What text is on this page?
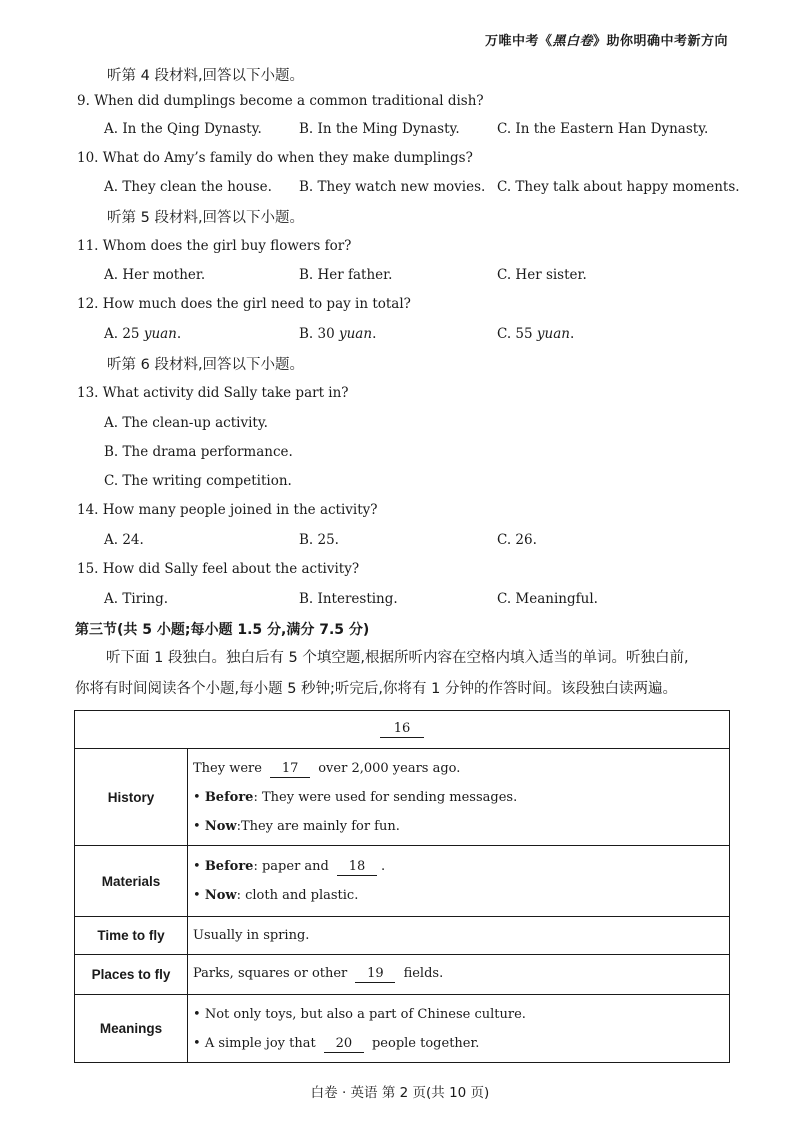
万唯中考《黑白卷》助你明确中考新方向
听第 4 段材料,回答以下小题。
9. When did dumplings become a common traditional dish?
A. In the Qing Dynasty.	B. In the Ming Dynasty.	C. In the Eastern Han Dynasty.
10. What do Amy’s family do when they make dumplings?
A. They clean the house. B. They watch new movies. C. They talk about happy moments.
听第 5 段材料,回答以下小题。
11. Whom does the girl buy flowers for?
A. Her mother.	B. Her father.	C. Her sister.
12. How much does the girl need to pay in total?
A. 25 yuan.	B. 30 yuan.	C. 55 yuan.
听第 6 段材料,回答以下小题。
13. What activity did Sally take part in?
A. The clean-up activity.
B. The drama performance.
C. The writing competition.
14. How many people joined in the activity?
A. 24.	B. 25.	C. 26.
15. How did Sally feel about the activity?
A. Tiring.	B. Interesting.	C. Meaningful.
第三节(共 5 小题;每小题 1.5 分,满分 7.5 分)
听下面 1 段独白。独白后有 5 个填空题,根据所听内容在空格内填入适当的单词。听独白前,
你将有时间阅读各个小题,每小题 5 秒钟;听完后,你将有 1 分钟的作答时间。该段独白读两遍。
16	
History	They were 17 over 2,000 years ago.
• Before: They were used for sending messages.
• Now:They are mainly for fun.

Materials	• Before: paper and 18 .
• Now: cloth and plastic.

Time to fly	Usually in spring.
Places to fly	Parks, squares or other 19 fields.
Meanings	• Not only toys, but also a part of Chinese culture.
• A simple joy that 20 people together.
白卷 · 英语 第 2 页(共 10 页)
